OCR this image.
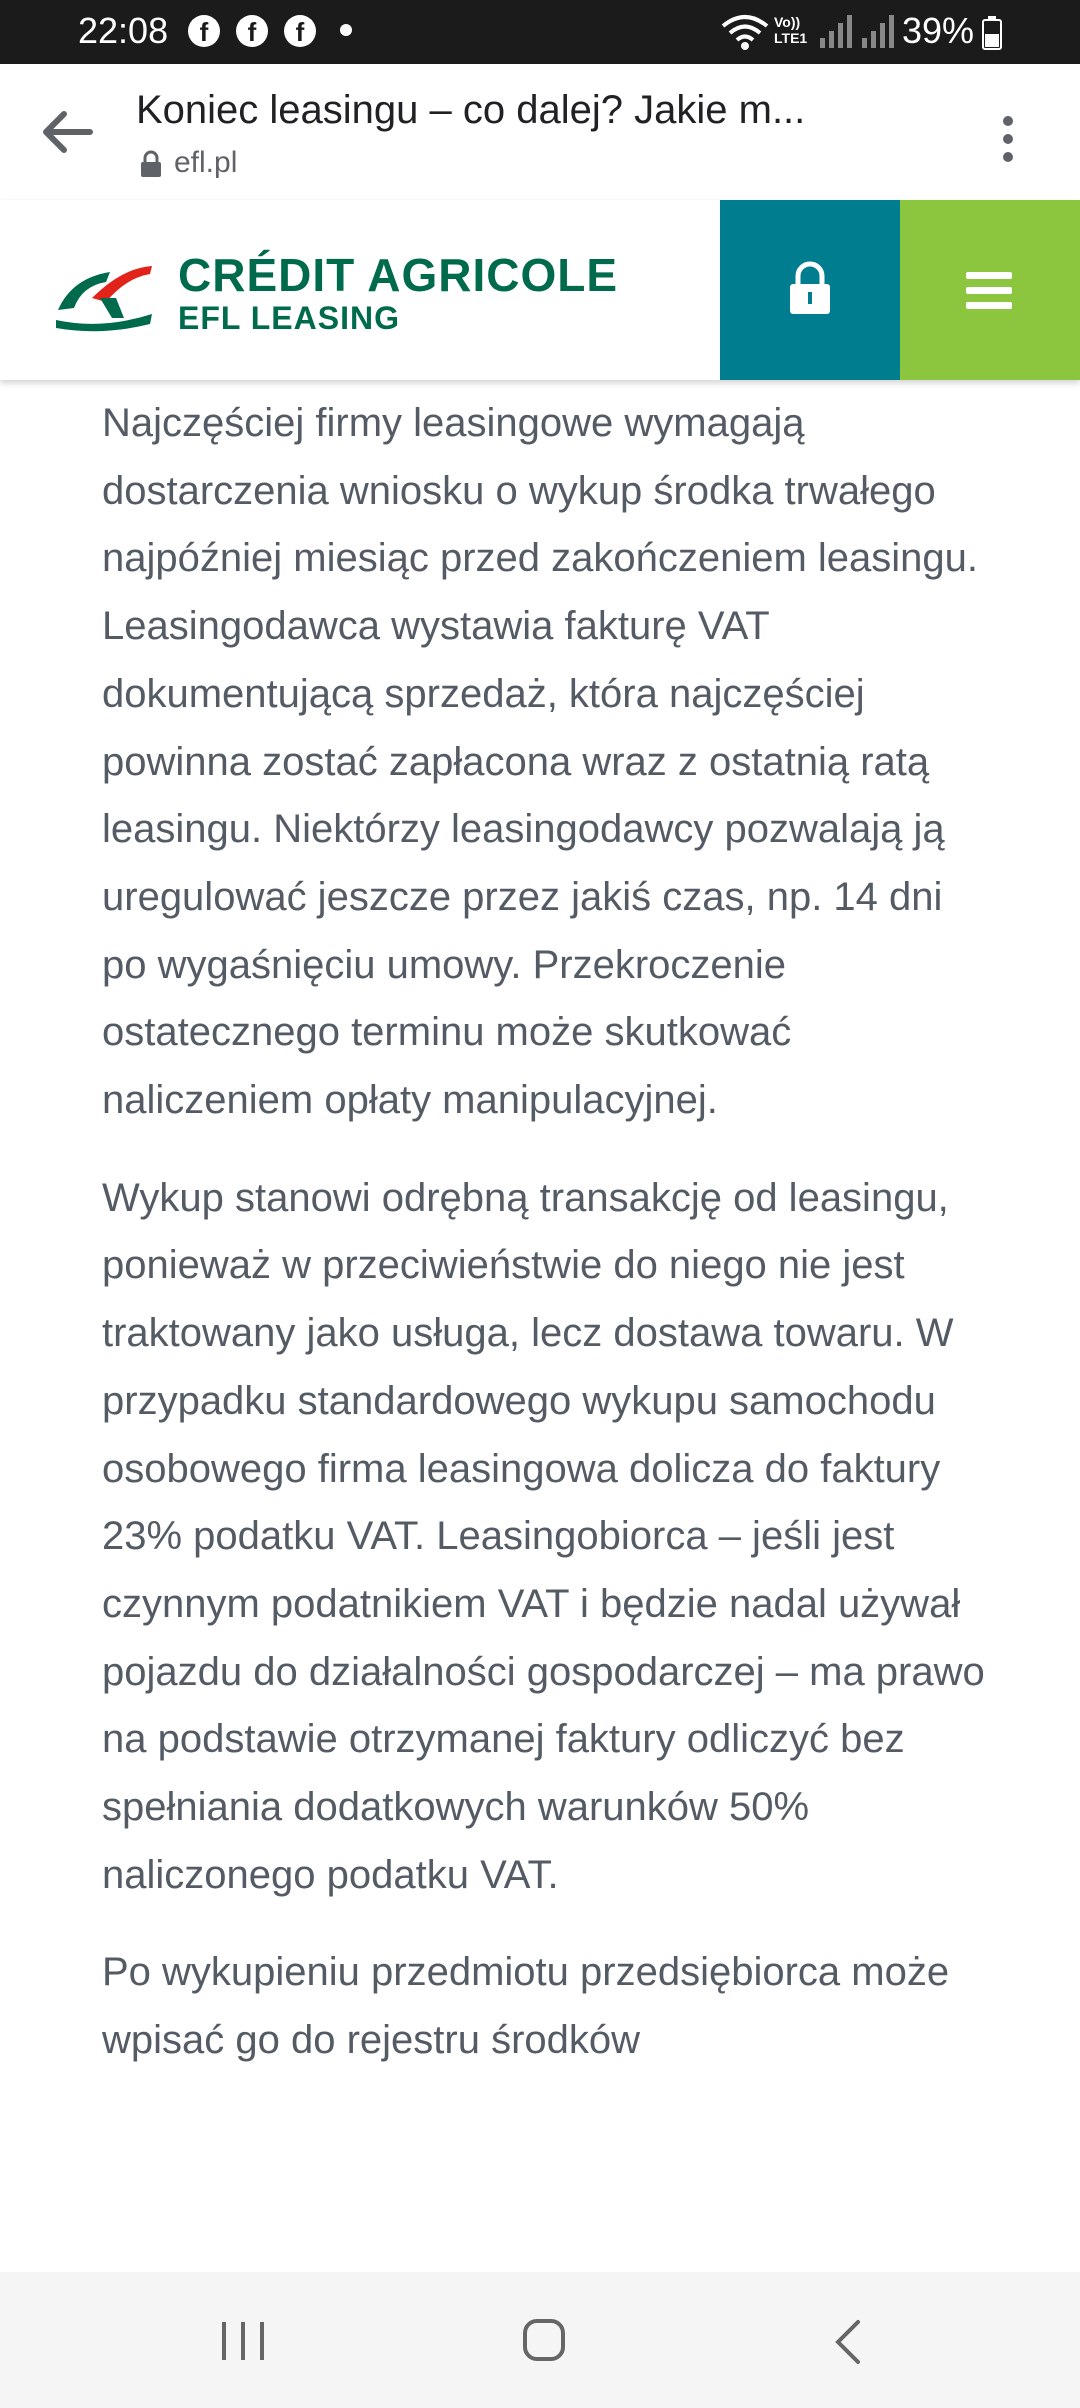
22:08	f	f	f	Vo))
LTE1	39%
Koniec leasingu – co dalej? Jakie m...
efl.pl
CRÉDIT AGRICOLE
EFL LEASING

Najczęściej firmy leasingowe wymagają dostarczenia wniosku o wykup środka trwałego najpóźniej miesiąc przed zakończeniem leasingu. Leasingodawca wystawia fakturę VAT dokumentującą sprzedaż, która najczęściej powinna zostać zapłacona wraz z ostatnią ratą leasingu. Niektórzy leasingodawcy pozwalają ją uregulować jeszcze przez jakiś czas, np. 14 dni po wygaśnięciu umowy. Przekroczenie ostatecznego terminu może skutkować naliczeniem opłaty manipulacyjnej.

Wykup stanowi odrębną transakcję od leasingu, ponieważ w przeciwieństwie do niego nie jest traktowany jako usługa, lecz dostawa towaru. W przypadku standardowego wykupu samochodu osobowego firma leasingowa dolicza do faktury 23% podatku VAT. Leasingobiorca – jeśli jest czynnym podatnikiem VAT i będzie nadal używał pojazdu do działalności gospodarczej – ma prawo na podstawie otrzymanej faktury odliczyć bez spełniania dodatkowych warunków 50% naliczonego podatku VAT.

Po wykupieniu przedmiotu przedsiębiorca może wpisać go do rejestru środków
